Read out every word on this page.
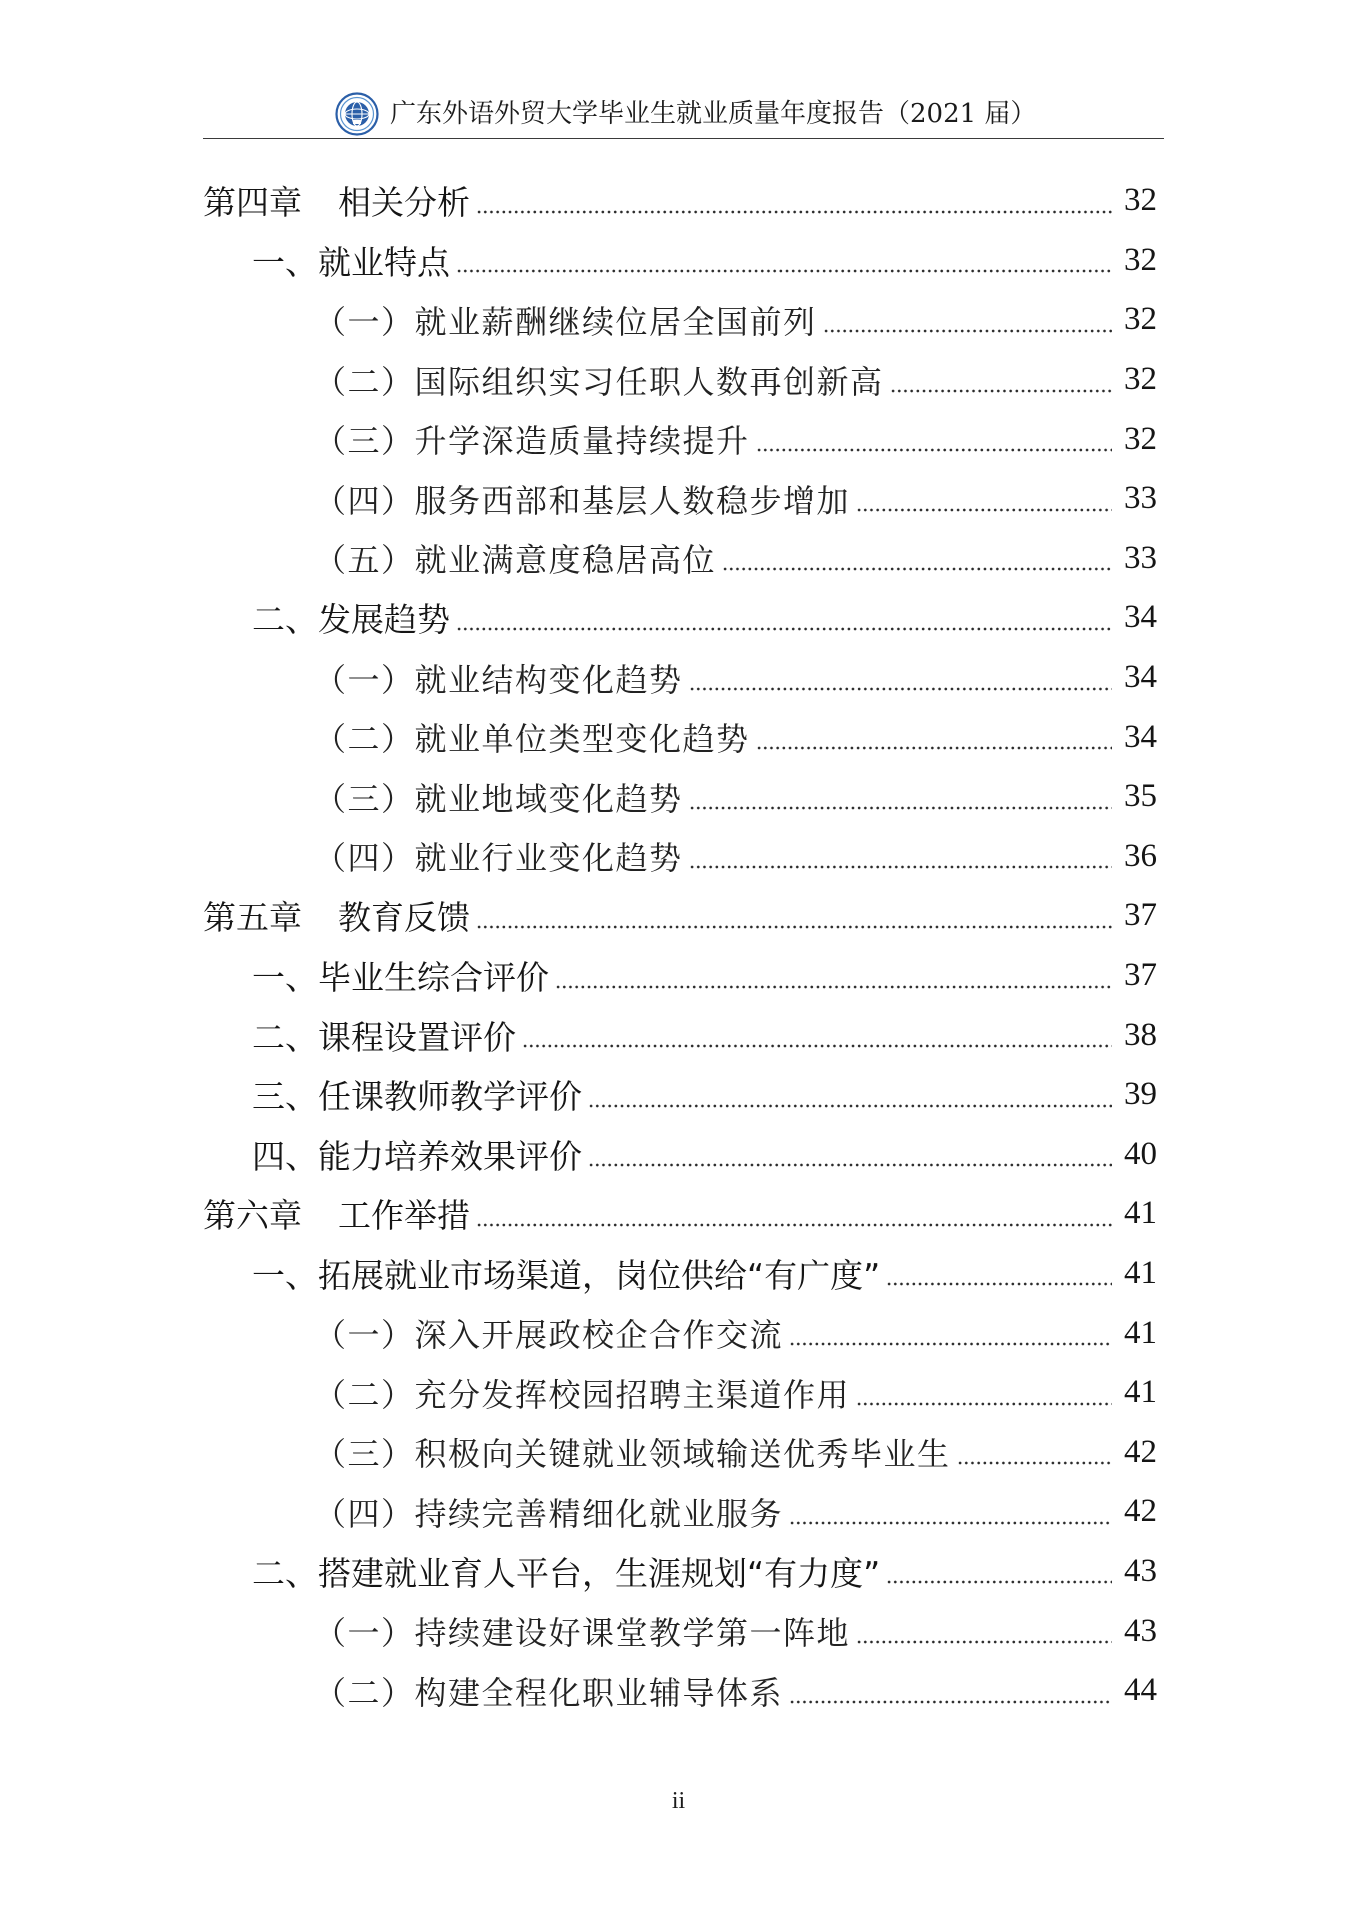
广东外语外贸大学毕业生就业质量年度报告（2021 届）
第四章 相关分析	32
一、就业特点	32
（一）就业薪酬继续位居全国前列	32
（二）国际组织实习任职人数再创新高	32
（三）升学深造质量持续提升	32
（四）服务西部和基层人数稳步增加	33
（五）就业满意度稳居高位	33
二、发展趋势	34
（一）就业结构变化趋势	34
（二）就业单位类型变化趋势	34
（三）就业地域变化趋势	35
（四）就业行业变化趋势	36
第五章 教育反馈	37
一、毕业生综合评价	37
二、课程设置评价	38
三、任课教师教学评价	39
四、能力培养效果评价	40
第六章 工作举措	41
一、拓展就业市场渠道，岗位供给“有广度”	41
（一）深入开展政校企合作交流	41
（二）充分发挥校园招聘主渠道作用	41
（三）积极向关键就业领域输送优秀毕业生	42
（四）持续完善精细化就业服务	42
二、搭建就业育人平台，生涯规划“有力度”	43
（一）持续建设好课堂教学第一阵地	43
（二）构建全程化职业辅导体系	44
ii
